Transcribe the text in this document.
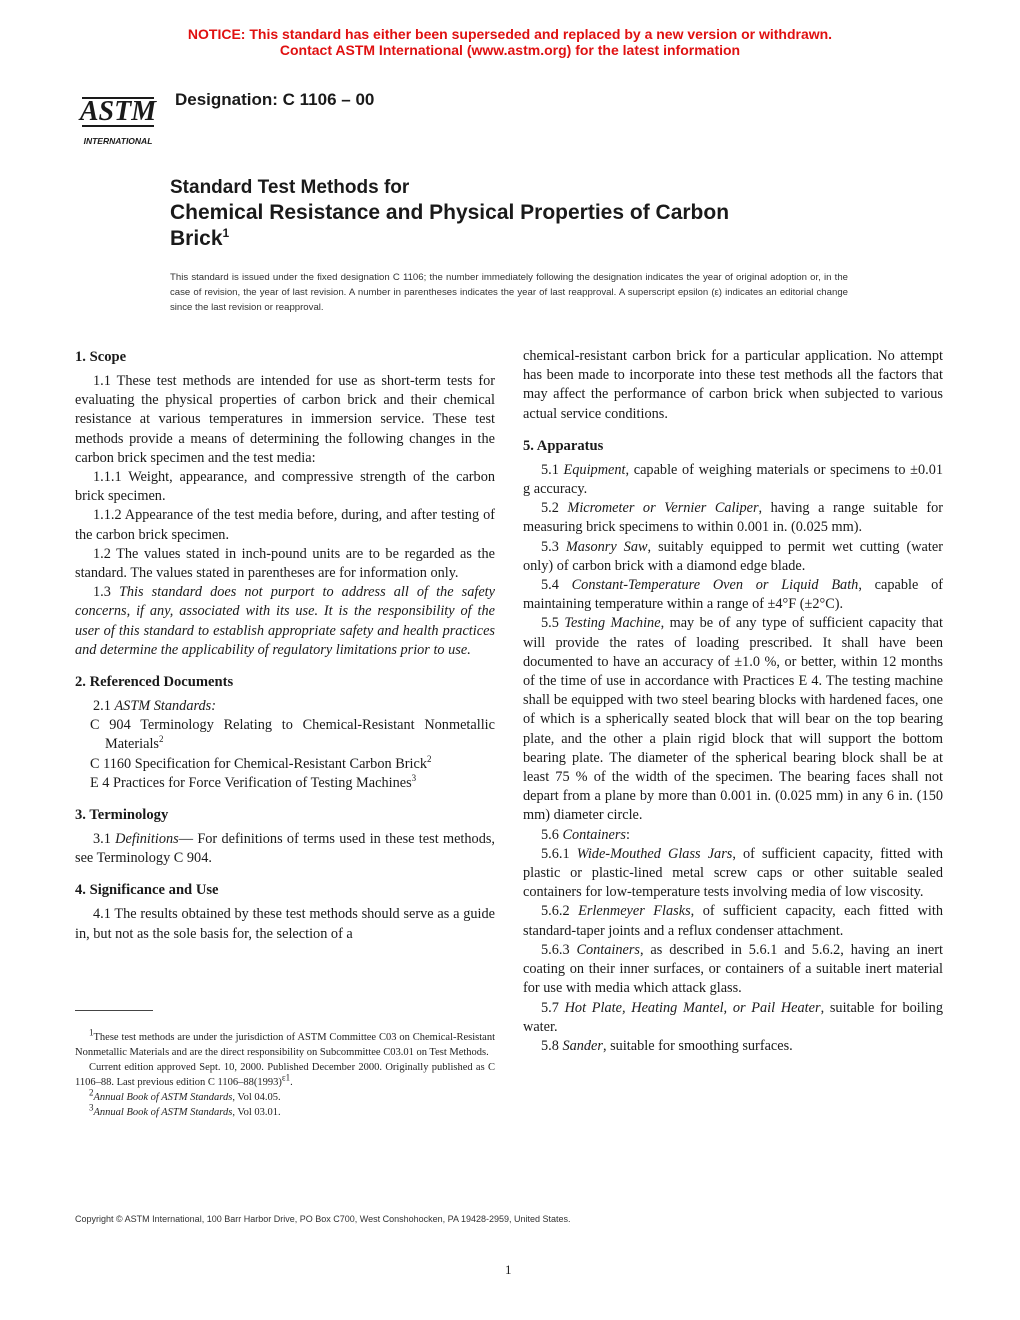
NOTICE: This standard has either been superseded and replaced by a new version or withdrawn.
Contact ASTM International (www.astm.org) for the latest information
ASTM
INTERNATIONAL
Designation: C 1106 – 00
Standard Test Methods for
Chemical Resistance and Physical Properties of Carbon
Brick$^1$
This standard is issued under the fixed designation C 1106; the number immediately following the designation indicates the year of original adoption or, in the case of revision, the year of last revision. A number in parentheses indicates the year of last reapproval. A superscript epsilon (ε) indicates an editorial change since the last revision or reapproval.
1. Scope
1.1 These test methods are intended for use as short-term tests for evaluating the physical properties of carbon brick and their chemical resistance at various temperatures in immersion service. These test methods provide a means of determining the following changes in the carbon brick specimen and the test media:
1.1.1 Weight, appearance, and compressive strength of the carbon brick specimen.
1.1.2 Appearance of the test media before, during, and after testing of the carbon brick specimen.
1.2 The values stated in inch-pound units are to be regarded as the standard. The values stated in parentheses are for information only.
1.3 This standard does not purport to address all of the safety concerns, if any, associated with its use. It is the responsibility of the user of this standard to establish appropriate safety and health practices and determine the applicability of regulatory limitations prior to use.
2. Referenced Documents
2.1 ASTM Standards:
C 904 Terminology Relating to Chemical-Resistant Nonmetallic Materials$^2$
C 1160 Specification for Chemical-Resistant Carbon Brick$^2$
E 4 Practices for Force Verification of Testing Machines$^3$
3. Terminology
3.1 Definitions— For definitions of terms used in these test methods, see Terminology C 904.
4. Significance and Use
4.1 The results obtained by these test methods should serve as a guide in, but not as the sole basis for, the selection of a
chemical-resistant carbon brick for a particular application. No attempt has been made to incorporate into these test methods all the factors that may affect the performance of carbon brick when subjected to various actual service conditions.
5. Apparatus
5.1 Equipment, capable of weighing materials or specimens to ±0.01 g accuracy.
5.2 Micrometer or Vernier Caliper, having a range suitable for measuring brick specimens to within 0.001 in. (0.025 mm).
5.3 Masonry Saw, suitably equipped to permit wet cutting (water only) of carbon brick with a diamond edge blade.
5.4 Constant-Temperature Oven or Liquid Bath, capable of maintaining temperature within a range of ±4°F (±2°C).
5.5 Testing Machine, may be of any type of sufficient capacity that will provide the rates of loading prescribed. It shall have been documented to have an accuracy of ±1.0 %, or better, within 12 months of the time of use in accordance with Practices E 4. The testing machine shall be equipped with two steel bearing blocks with hardened faces, one of which is a spherically seated block that will bear on the top bearing plate, and the other a plain rigid block that will support the bottom bearing plate. The diameter of the spherical bearing block shall be at least 75 % of the width of the specimen. The bearing faces shall not depart from a plane by more than 0.001 in. (0.025 mm) in any 6 in. (150 mm) diameter circle.
5.6 Containers:
5.6.1 Wide-Mouthed Glass Jars, of sufficient capacity, fitted with plastic or plastic-lined metal screw caps or other suitable sealed containers for low-temperature tests involving media of low viscosity.
5.6.2 Erlenmeyer Flasks, of sufficient capacity, each fitted with standard-taper joints and a reflux condenser attachment.
5.6.3 Containers, as described in 5.6.1 and 5.6.2, having an inert coating on their inner surfaces, or containers of a suitable inert material for use with media which attack glass.
5.7 Hot Plate, Heating Mantel, or Pail Heater, suitable for boiling water.
5.8 Sander, suitable for smoothing surfaces.
$^1$These test methods are under the jurisdiction of ASTM Committee C03 on Chemical-Resistant Nonmetallic Materials and are the direct responsibility on Subcommittee C03.01 on Test Methods.
Current edition approved Sept. 10, 2000. Published December 2000. Originally published as C 1106–88. Last previous edition C 1106–88(1993)$^{\varepsilon 1}$.
$^2$Annual Book of ASTM Standards, Vol 04.05.
$^3$Annual Book of ASTM Standards, Vol 03.01.
Copyright © ASTM International, 100 Barr Harbor Drive, PO Box C700, West Conshohocken, PA 19428-2959, United States.
1
